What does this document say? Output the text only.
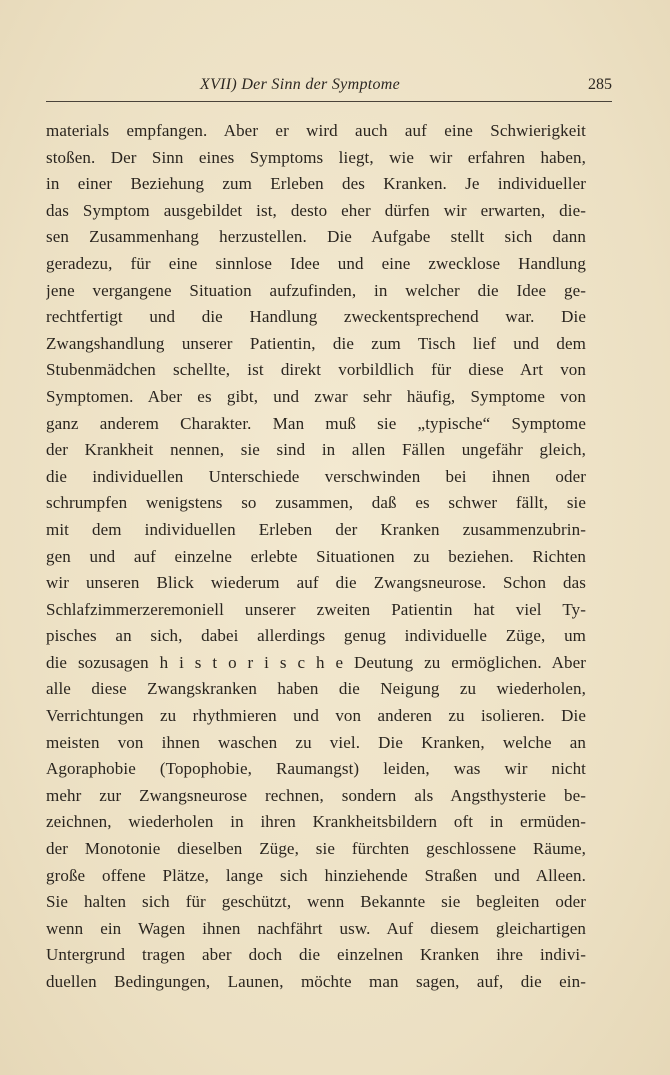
XVII) Der Sinn der Symptome	285
materials empfangen. Aber er wird auch auf eine Schwierigkeit
stoßen. Der Sinn eines Symptoms liegt, wie wir erfahren haben,
in einer Beziehung zum Erleben des Kranken. Je individueller
das Symptom ausgebildet ist, desto eher dürfen wir erwarten, die-
sen Zusammenhang herzustellen. Die Aufgabe stellt sich dann
geradezu, für eine sinnlose Idee und eine zwecklose Handlung
jene vergangene Situation aufzufinden, in welcher die Idee ge-
rechtfertigt und die Handlung zweckentsprechend war. Die
Zwangshandlung unserer Patientin, die zum Tisch lief und dem
Stubenmädchen schellte, ist direkt vorbildlich für diese Art von
Symptomen. Aber es gibt, und zwar sehr häufig, Symptome von
ganz anderem Charakter. Man muß sie „typische“ Symptome
der Krankheit nennen, sie sind in allen Fällen ungefähr gleich,
die individuellen Unterschiede verschwinden bei ihnen oder
schrumpfen wenigstens so zusammen, daß es schwer fällt, sie
mit dem individuellen Erleben der Kranken zusammenzubrin-
gen und auf einzelne erlebte Situationen zu beziehen. Richten
wir unseren Blick wiederum auf die Zwangsneurose. Schon das
Schlafzimmerzeremoniell unserer zweiten Patientin hat viel Ty-
pisches an sich, dabei allerdings genug individuelle Züge, um
die sozusagen h i s t o r i s c h e Deutung zu ermöglichen. Aber
alle diese Zwangskranken haben die Neigung zu wiederholen,
Verrichtungen zu rhythmieren und von anderen zu isolieren. Die
meisten von ihnen waschen zu viel. Die Kranken, welche an
Agoraphobie (Topophobie, Raumangst) leiden, was wir nicht
mehr zur Zwangsneurose rechnen, sondern als Angsthysterie be-
zeichnen, wiederholen in ihren Krankheitsbildern oft in ermüden-
der Monotonie dieselben Züge, sie fürchten geschlossene Räume,
große offene Plätze, lange sich hinziehende Straßen und Alleen.
Sie halten sich für geschützt, wenn Bekannte sie begleiten oder
wenn ein Wagen ihnen nachfährt usw. Auf diesem gleichartigen
Untergrund tragen aber doch die einzelnen Kranken ihre indivi-
duellen Bedingungen, Launen, möchte man sagen, auf, die ein-
